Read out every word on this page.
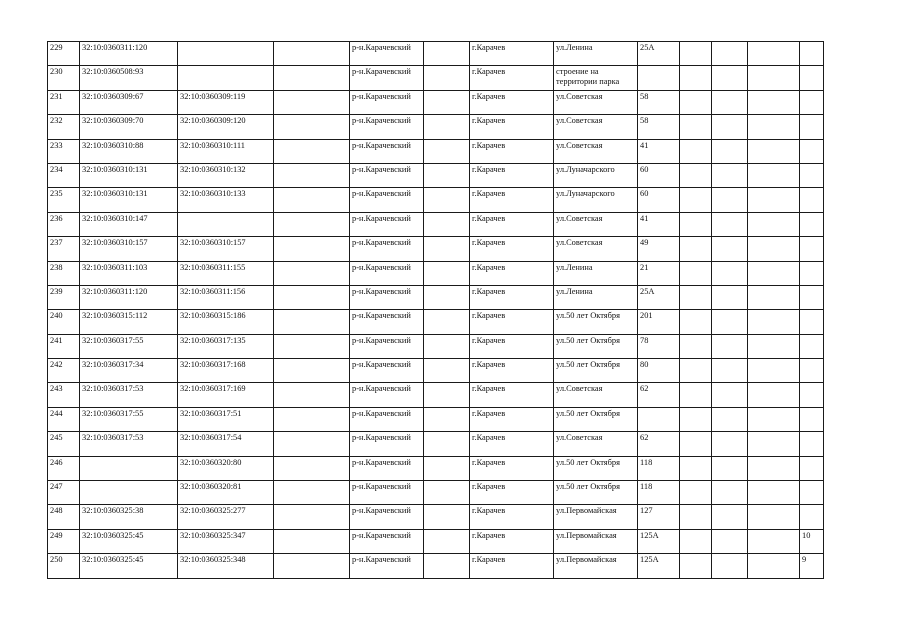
229	32:10:0360311:120			р-н.Карачевский		г.Карачев	ул.Ленина	25А				
230	32:10:0360508:93			р-н.Карачевский		г.Карачев	строение на территории парка					
231	32:10:0360309:67	32:10:0360309:119		р-н.Карачевский		г.Карачев	ул.Советская	58				
232	32:10:0360309:70	32:10:0360309:120		р-н.Карачевский		г.Карачев	ул.Советская	58				
233	32:10:0360310:88	32:10:0360310:111		р-н.Карачевский		г.Карачев	ул.Советская	41				
234	32:10:0360310:131	32:10:0360310:132		р-н.Карачевский		г.Карачев	ул.Луначарского	60				
235	32:10:0360310:131	32:10:0360310:133		р-н.Карачевский		г.Карачев	ул.Луначарского	60				
236	32:10:0360310:147			р-н.Карачевский		г.Карачев	ул.Советская	41				
237	32:10:0360310:157	32:10:0360310:157		р-н.Карачевский		г.Карачев	ул.Советская	49				
238	32:10:0360311:103	32:10:0360311:155		р-н.Карачевский		г.Карачев	ул.Ленина	21				
239	32:10:0360311:120	32:10:0360311:156		р-н.Карачевский		г.Карачев	ул.Ленина	25А				
240	32:10:0360315:112	32:10:0360315:186		р-н.Карачевский		г.Карачев	ул.50 лет Октября	201				
241	32:10:0360317:55	32:10:0360317:135		р-н.Карачевский		г.Карачев	ул.50 лет Октября	78				
242	32:10:0360317:34	32:10:0360317:168		р-н.Карачевский		г.Карачев	ул.50 лет Октября	80				
243	32:10:0360317:53	32:10:0360317:169		р-н.Карачевский		г.Карачев	ул.Советская	62				
244	32:10:0360317:55	32:10:0360317:51		р-н.Карачевский		г.Карачев	ул.50 лет Октября					
245	32:10:0360317:53	32:10:0360317:54		р-н.Карачевский		г.Карачев	ул.Советская	62				
246		32:10:0360320:80		р-н.Карачевский		г.Карачев	ул.50 лет Октября	118				
247		32:10:0360320:81		р-н.Карачевский		г.Карачев	ул.50 лет Октября	118				
248	32:10:0360325:38	32:10:0360325:277		р-н.Карачевский		г.Карачев	ул.Первомайская	127				
249	32:10:0360325:45	32:10:0360325:347		р-н.Карачевский		г.Карачев	ул.Первомайская	125А				10
250	32:10:0360325:45	32:10:0360325:348		р-н.Карачевский		г.Карачев	ул.Первомайская	125А				9
